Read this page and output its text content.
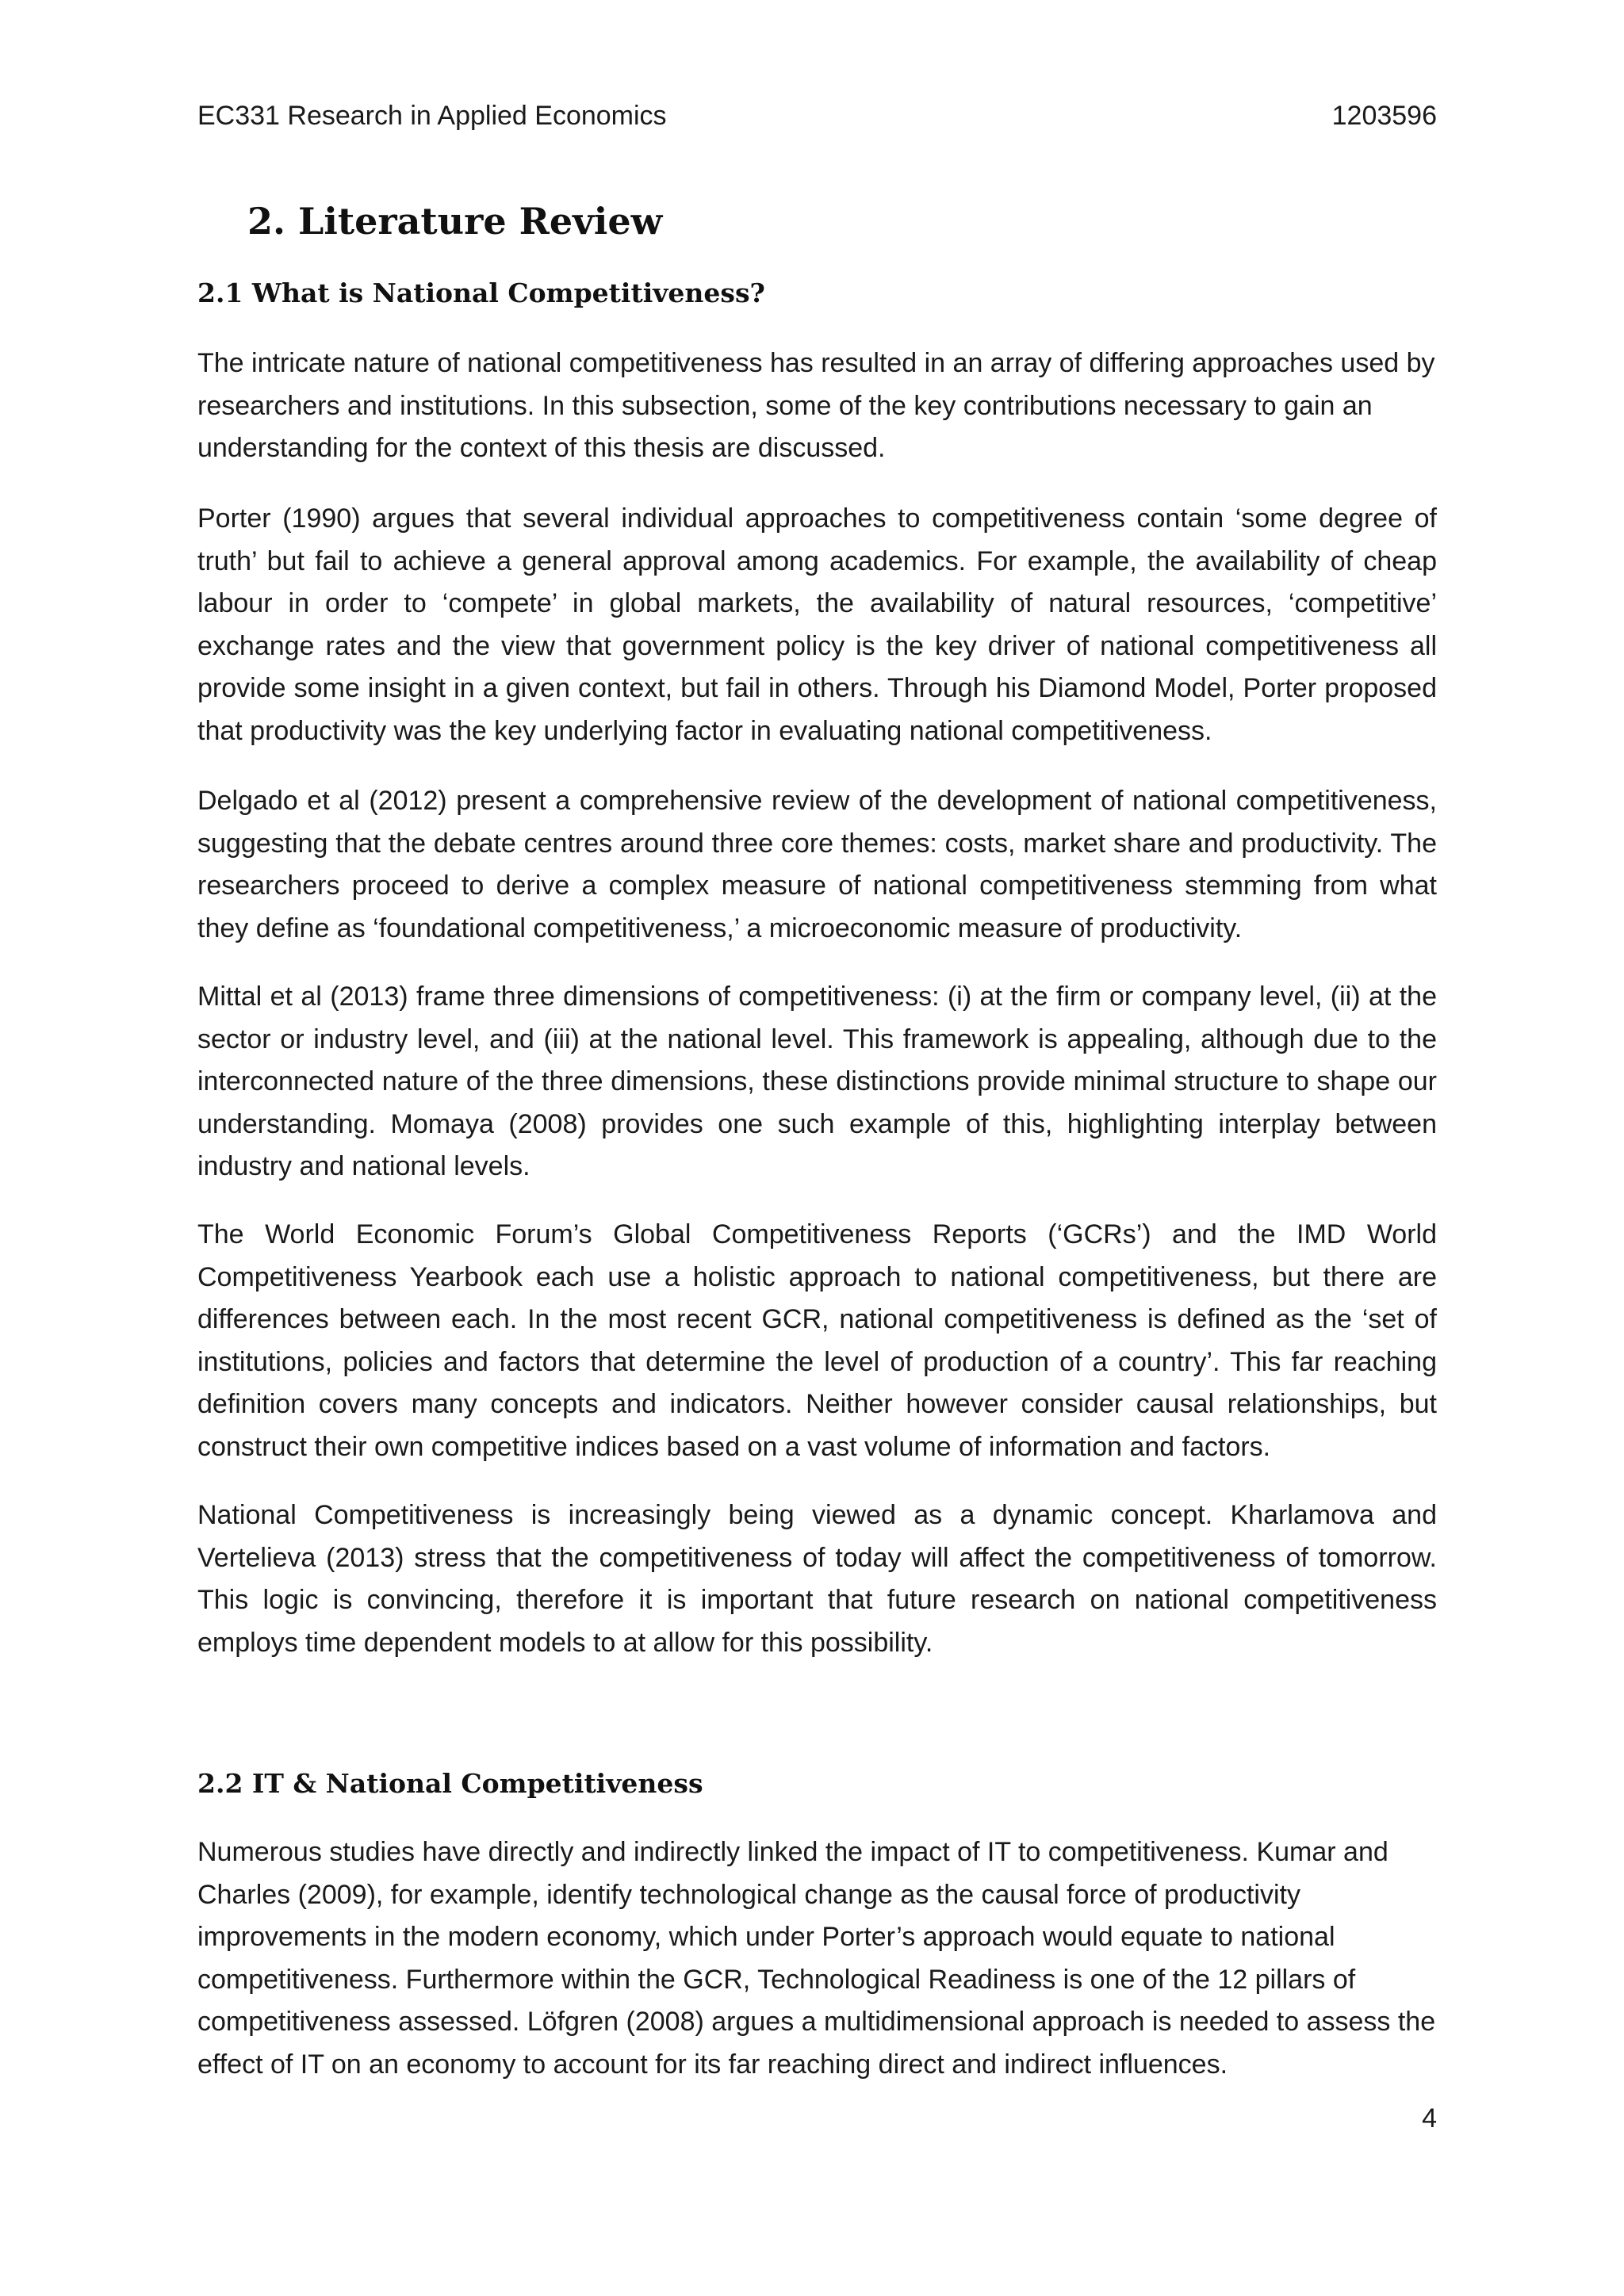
EC331 Research in Applied Economics	1203596
2. Literature Review
2.1 What is National Competitiveness?

The intricate nature of national competitiveness has resulted in an array of differing approaches used by researchers and institutions. In this subsection, some of the key contributions necessary to gain an understanding for the context of this thesis are discussed.

Porter (1990) argues that several individual approaches to competitiveness contain ‘some degree of truth’ but fail to achieve a general approval among academics. For example, the availability of cheap labour in order to ‘compete’ in global markets, the availability of natural resources, ‘competitive’ exchange rates and the view that government policy is the key driver of national competitiveness all provide some insight in a given context, but fail in others. Through his Diamond Model, Porter proposed that productivity was the key underlying factor in evaluating national competitiveness.

Delgado et al (2012) present a comprehensive review of the development of national competitiveness, suggesting that the debate centres around three core themes: costs, market share and productivity. The researchers proceed to derive a complex measure of national competitiveness stemming from what they define as ‘foundational competitiveness,’ a microeconomic measure of productivity.

Mittal et al (2013) frame three dimensions of competitiveness: (i) at the firm or company level, (ii) at the sector or industry level, and (iii) at the national level. This framework is appealing, although due to the interconnected nature of the three dimensions, these distinctions provide minimal structure to shape our understanding. Momaya (2008) provides one such example of this, highlighting interplay between industry and national levels.

The World Economic Forum’s Global Competitiveness Reports (‘GCRs’) and the IMD World Competitiveness Yearbook each use a holistic approach to national competitiveness, but there are differences between each. In the most recent GCR, national competitiveness is defined as the ‘set of institutions, policies and factors that determine the level of production of a country’. This far reaching definition covers many concepts and indicators. Neither however consider causal relationships, but construct their own competitive indices based on a vast volume of information and factors.

National Competitiveness is increasingly being viewed as a dynamic concept. Kharlamova and Vertelieva (2013) stress that the competitiveness of today will affect the competitiveness of tomorrow. This logic is convincing, therefore it is important that future research on national competitiveness employs time dependent models to at allow for this possibility.

2.2 IT & National Competitiveness

Numerous studies have directly and indirectly linked the impact of IT to competitiveness. Kumar and Charles (2009), for example, identify technological change as the causal force of productivity improvements in the modern economy, which under Porter’s approach would equate to national competitiveness. Furthermore within the GCR, Technological Readiness is one of the 12 pillars of competitiveness assessed. Löfgren (2008) argues a multidimensional approach is needed to assess the effect of IT on an economy to account for its far reaching direct and indirect influences.

4
